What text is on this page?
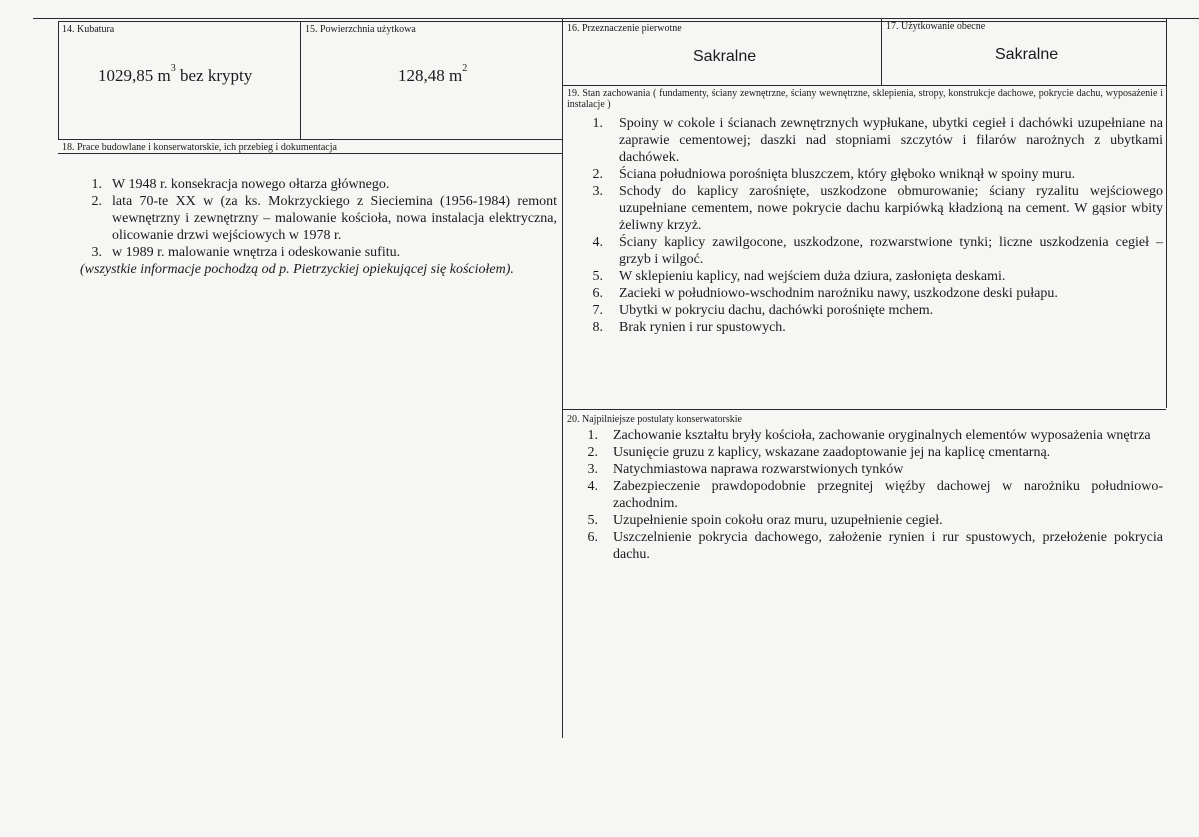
14. Kubatura
1029,85 $m^3$ bez krypty
15. Powierzchnia użytkowa
128,48 $m^2$
16. Przeznaczenie pierwotne
Sakralne
17. Użytkowanie obecne
Sakralne
18. Prace budowlane i konserwatorskie, ich przebieg i dokumentacja
1. W 1948 r. konsekracja nowego ołtarza głównego.
2. lata 70-te XX w (za ks. Mokrzyckiego z Sieciemina (1956-1984) remont wewnętrzny i zewnętrzny – malowanie kościoła, nowa instalacja elektryczna, olicowanie drzwi wejściowych w 1978 r.
3. w 1989 r. malowanie wnętrza i odeskowanie sufitu.
(wszystkie informacje pochodzą od p. Pietrzyckiej opiekującej się kościołem).
19. Stan zachowania ( fundamenty, ściany zewnętrzne, ściany wewnętrzne, sklepienia, stropy, konstrukcje dachowe, pokrycie dachu, wyposażenie i instalacje )
1. Spoiny w cokole i ścianach zewnętrznych wypłukane, ubytki cegieł i dachówki uzupełniane na zaprawie cementowej; daszki nad stopniami szczytów i filarów narożnych z ubytkami dachówek.
2. Ściana południowa porośnięta bluszczem, który głęboko wniknął w spoiny muru.
3. Schody do kaplicy zarośnięte, uszkodzone obmurowanie; ściany ryzalitu wejściowego uzupełniane cementem, nowe pokrycie dachu karpiówką kładzioną na cement. W gąsior wbity żeliwny krzyż.
4. Ściany kaplicy zawilgocone, uszkodzone, rozwarstwione tynki; liczne uszkodzenia cegieł – grzyb i wilgoć.
5. W sklepieniu kaplicy, nad wejściem duża dziura, zasłonięta deskami.
6. Zacieki w południowo-wschodnim narożniku nawy, uszkodzone deski pułapu.
7. Ubytki w pokryciu dachu, dachówki porośnięte mchem.
8. Brak rynien i rur spustowych.
20. Najpilniejsze postulaty konserwatorskie
1. Zachowanie kształtu bryły kościoła, zachowanie oryginalnych elementów wyposażenia wnętrza
2. Usunięcie gruzu z kaplicy, wskazane zaadoptowanie jej na kaplicę cmentarną.
3. Natychmiastowa naprawa rozwarstwionych tynków
4. Zabezpieczenie prawdopodobnie przegnitej więźby dachowej w narożniku południowo-zachodnim.
5. Uzupełnienie spoin cokołu oraz muru, uzupełnienie cegieł.
6. Uszczelnienie pokrycia dachowego, założenie rynien i rur spustowych, przełożenie pokrycia dachu.
